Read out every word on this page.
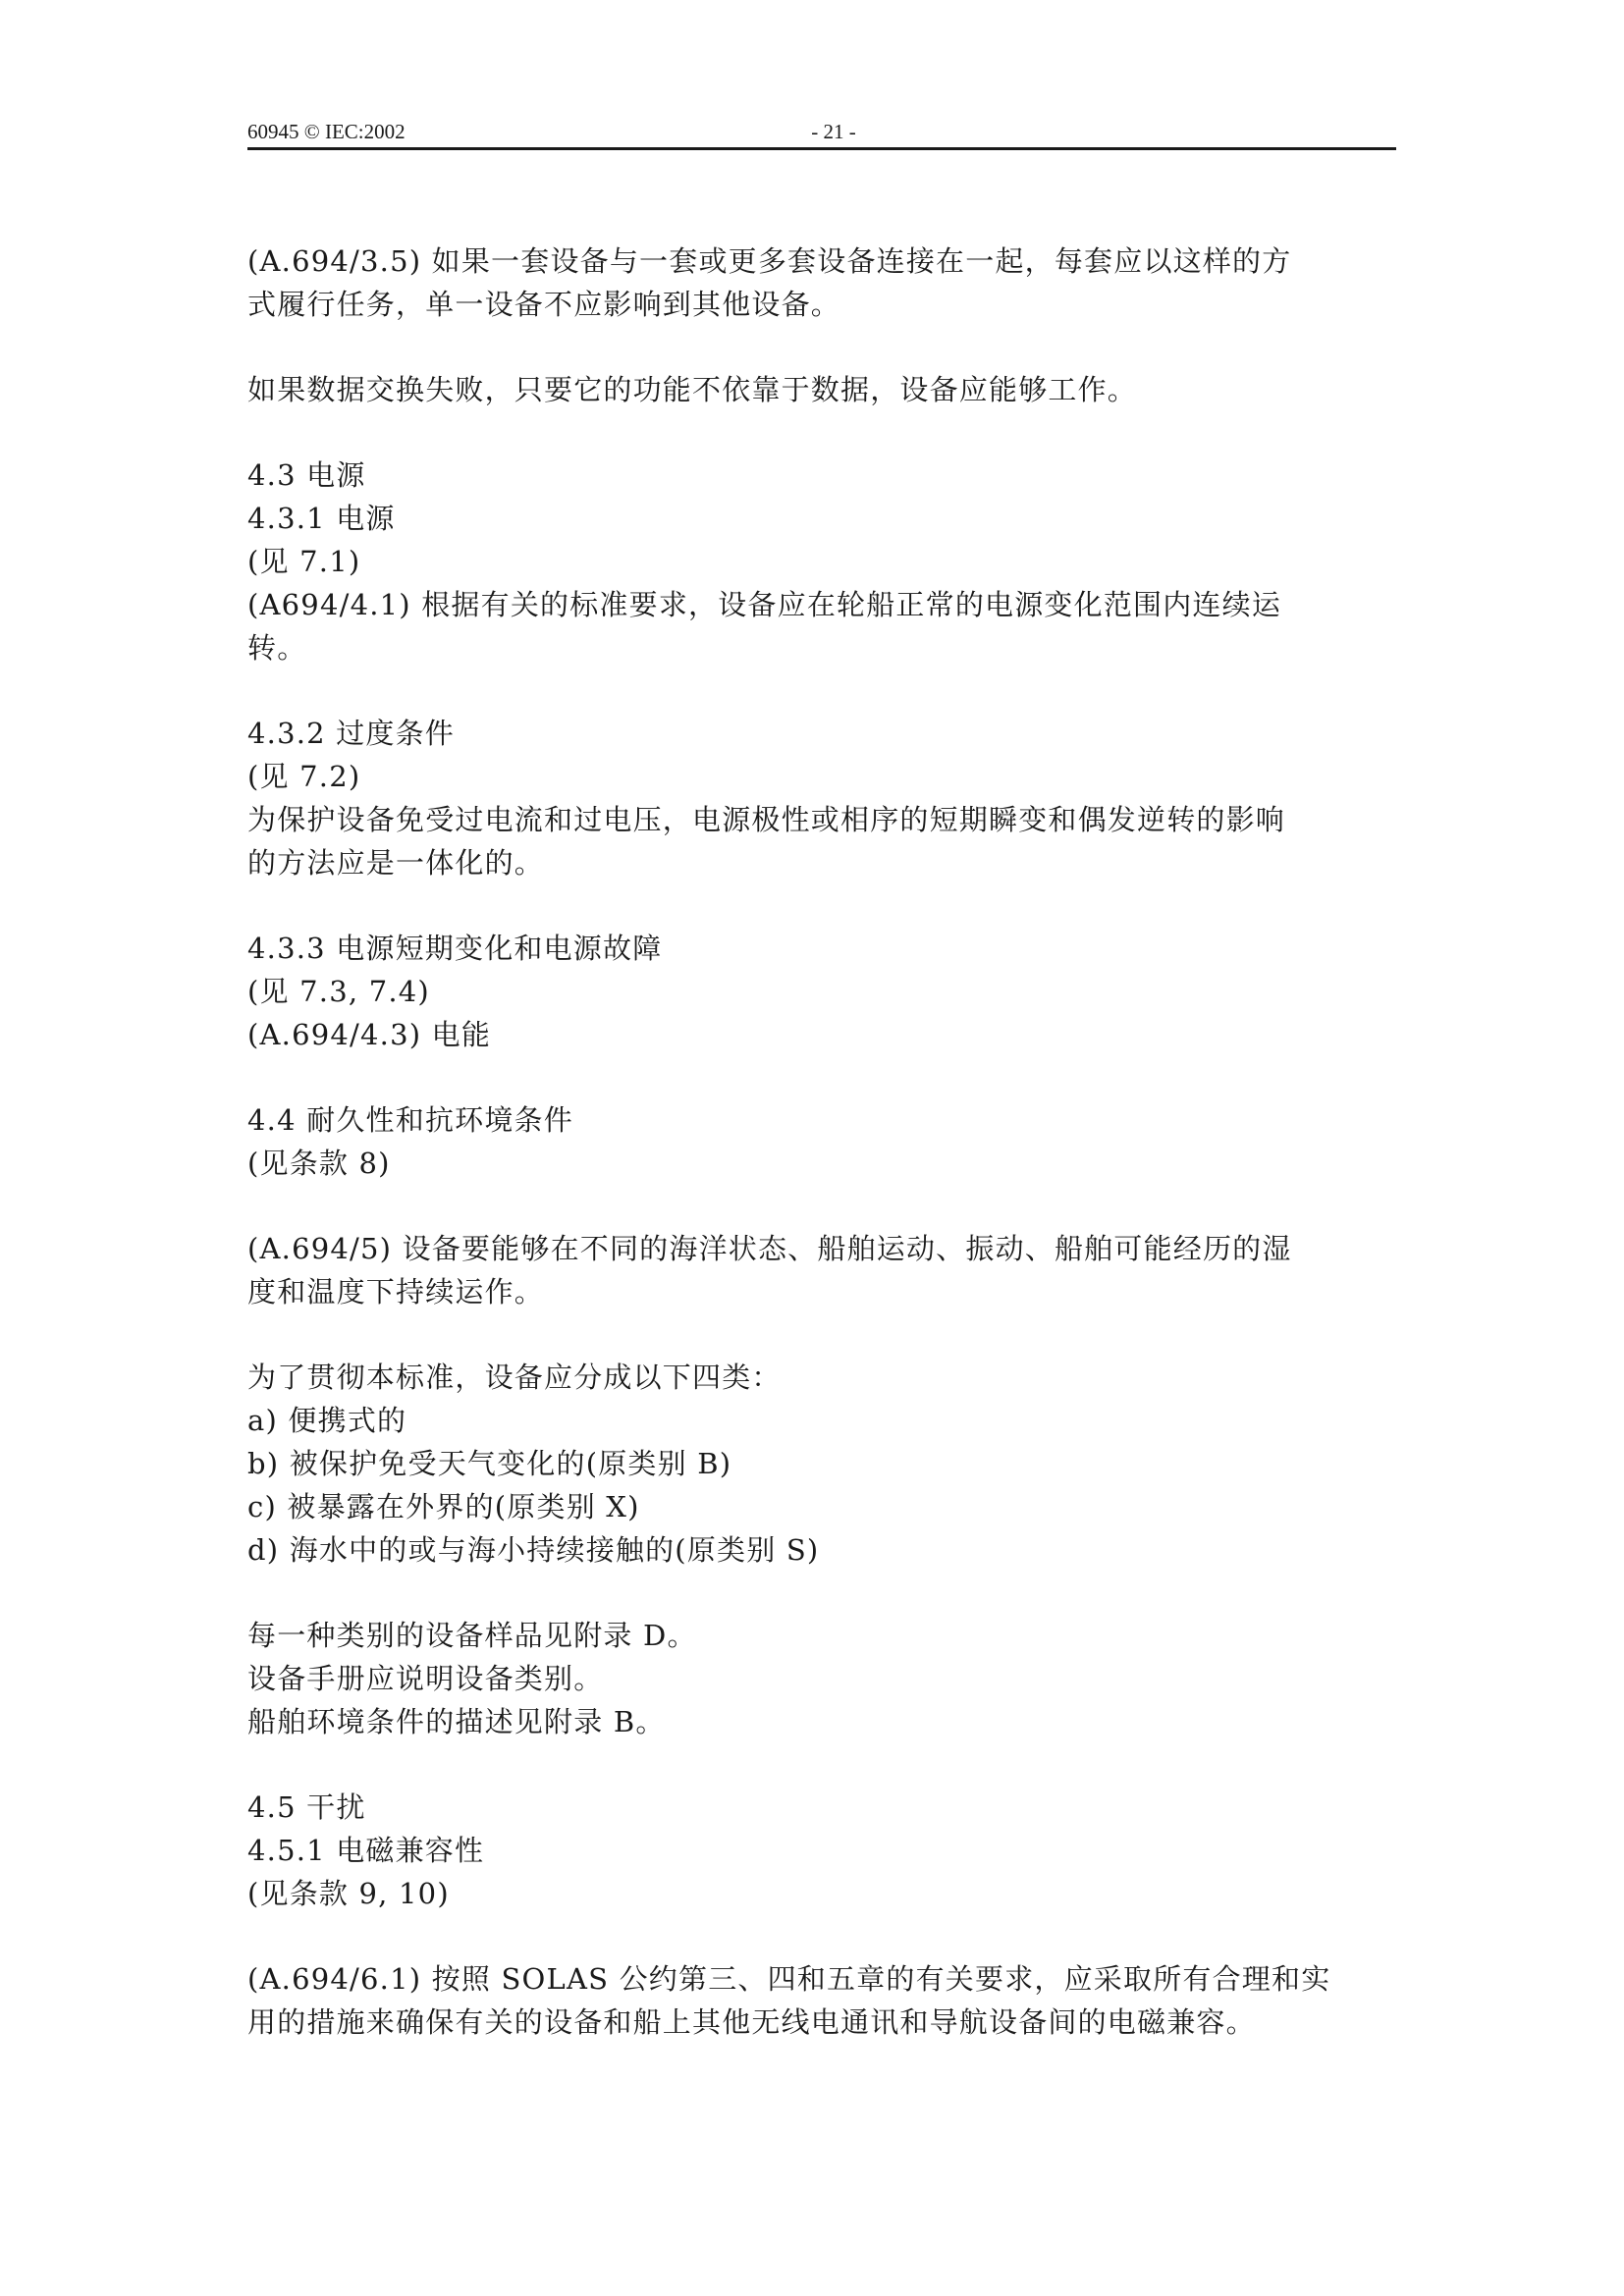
60945 © IEC:2002	- 21 -
(A.694/3.5) 如果一套设备与一套或更多套设备连接在一起，每套应以这样的方
式履行任务，单一设备不应影响到其他设备。
如果数据交换失败，只要它的功能不依靠于数据，设备应能够工作。
4.3 电源
4.3.1 电源
(见 7.1)
(A694/4.1) 根据有关的标准要求，设备应在轮船正常的电源变化范围内连续运
转。
4.3.2 过度条件
(见 7.2)
为保护设备免受过电流和过电压，电源极性或相序的短期瞬变和偶发逆转的影响
的方法应是一体化的。
4.3.3 电源短期变化和电源故障
(见 7.3, 7.4)
(A.694/4.3) 电能
4.4 耐久性和抗环境条件
(见条款 8)
(A.694/5) 设备要能够在不同的海洋状态、船舶运动、振动、船舶可能经历的湿
度和温度下持续运作。
为了贯彻本标准，设备应分成以下四类：
a) 便携式的
b) 被保护免受天气变化的(原类别 B)
c) 被暴露在外界的(原类别 X)
d) 海水中的或与海小持续接触的(原类别 S)
每一种类别的设备样品见附录 D。
设备手册应说明设备类别。
船舶环境条件的描述见附录 B。
4.5 干扰
4.5.1 电磁兼容性
(见条款 9, 10)
(A.694/6.1) 按照 SOLAS 公约第三、四和五章的有关要求，应采取所有合理和实
用的措施来确保有关的设备和船上其他无线电通讯和导航设备间的电磁兼容。
